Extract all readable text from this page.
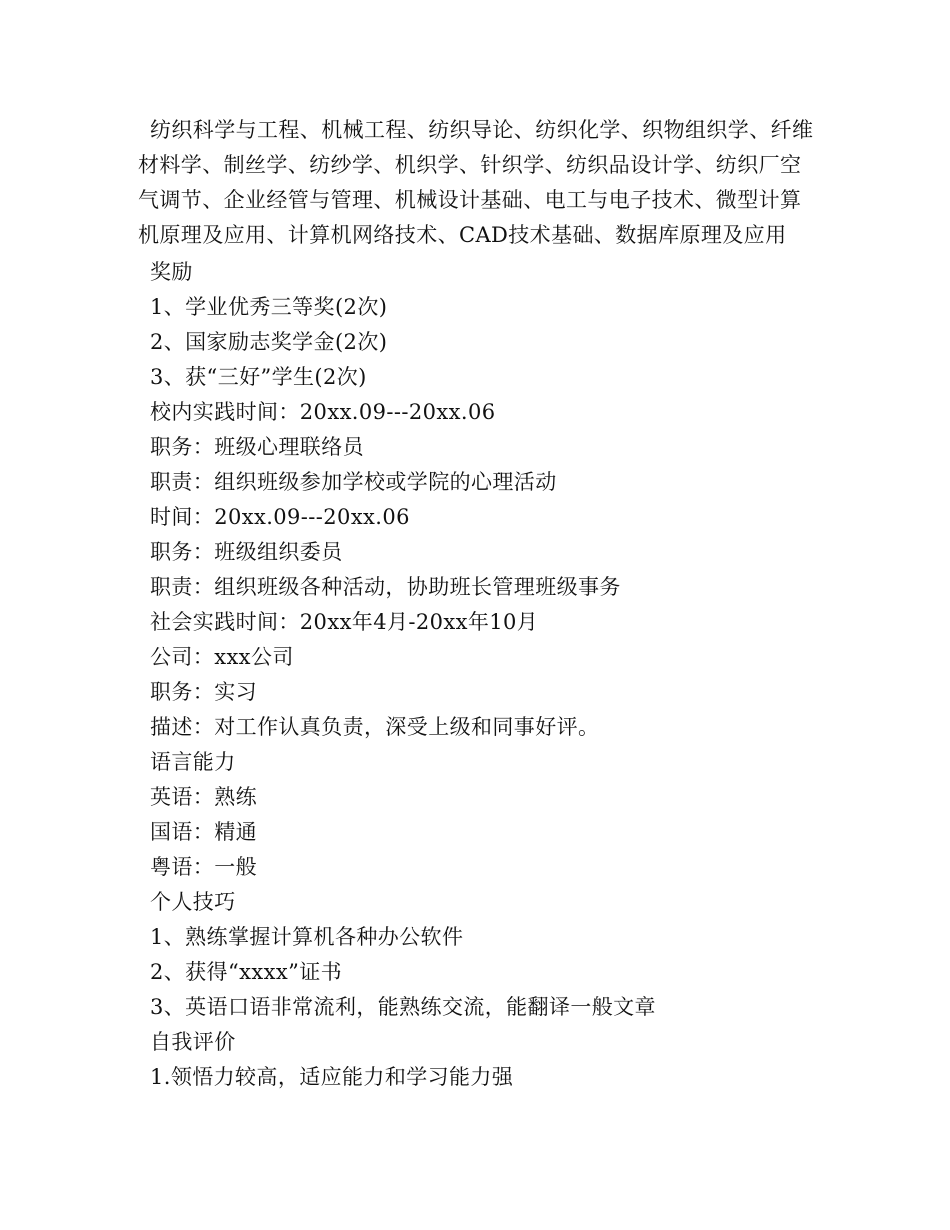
纺织科学与工程、机械工程、纺织导论、纺织化学、织物组织学、纤维材料学、制丝学、纺纱学、机织学、针织学、纺织品设计学、纺织厂空气调节、企业经管与管理、机械设计基础、电工与电子技术、微型计算机原理及应用、计算机网络技术、CAD技术基础、数据库原理及应用
奖励
1、学业优秀三等奖(2次)
2、国家励志奖学金(2次)
3、获“三好”学生(2次)
校内实践时间：20xx.09---20xx.06
职务：班级心理联络员
职责：组织班级参加学校或学院的心理活动
时间：20xx.09---20xx.06
职务：班级组织委员
职责：组织班级各种活动，协助班长管理班级事务
社会实践时间：20xx年4月-20xx年10月
公司：xxx公司
职务：实习
描述：对工作认真负责，深受上级和同事好评。
语言能力
英语：熟练
国语：精通
粤语：一般
个人技巧
1、熟练掌握计算机各种办公软件
2、获得“xxxx”证书
3、英语口语非常流利，能熟练交流，能翻译一般文章
自我评价
1.领悟力较高，适应能力和学习能力强
